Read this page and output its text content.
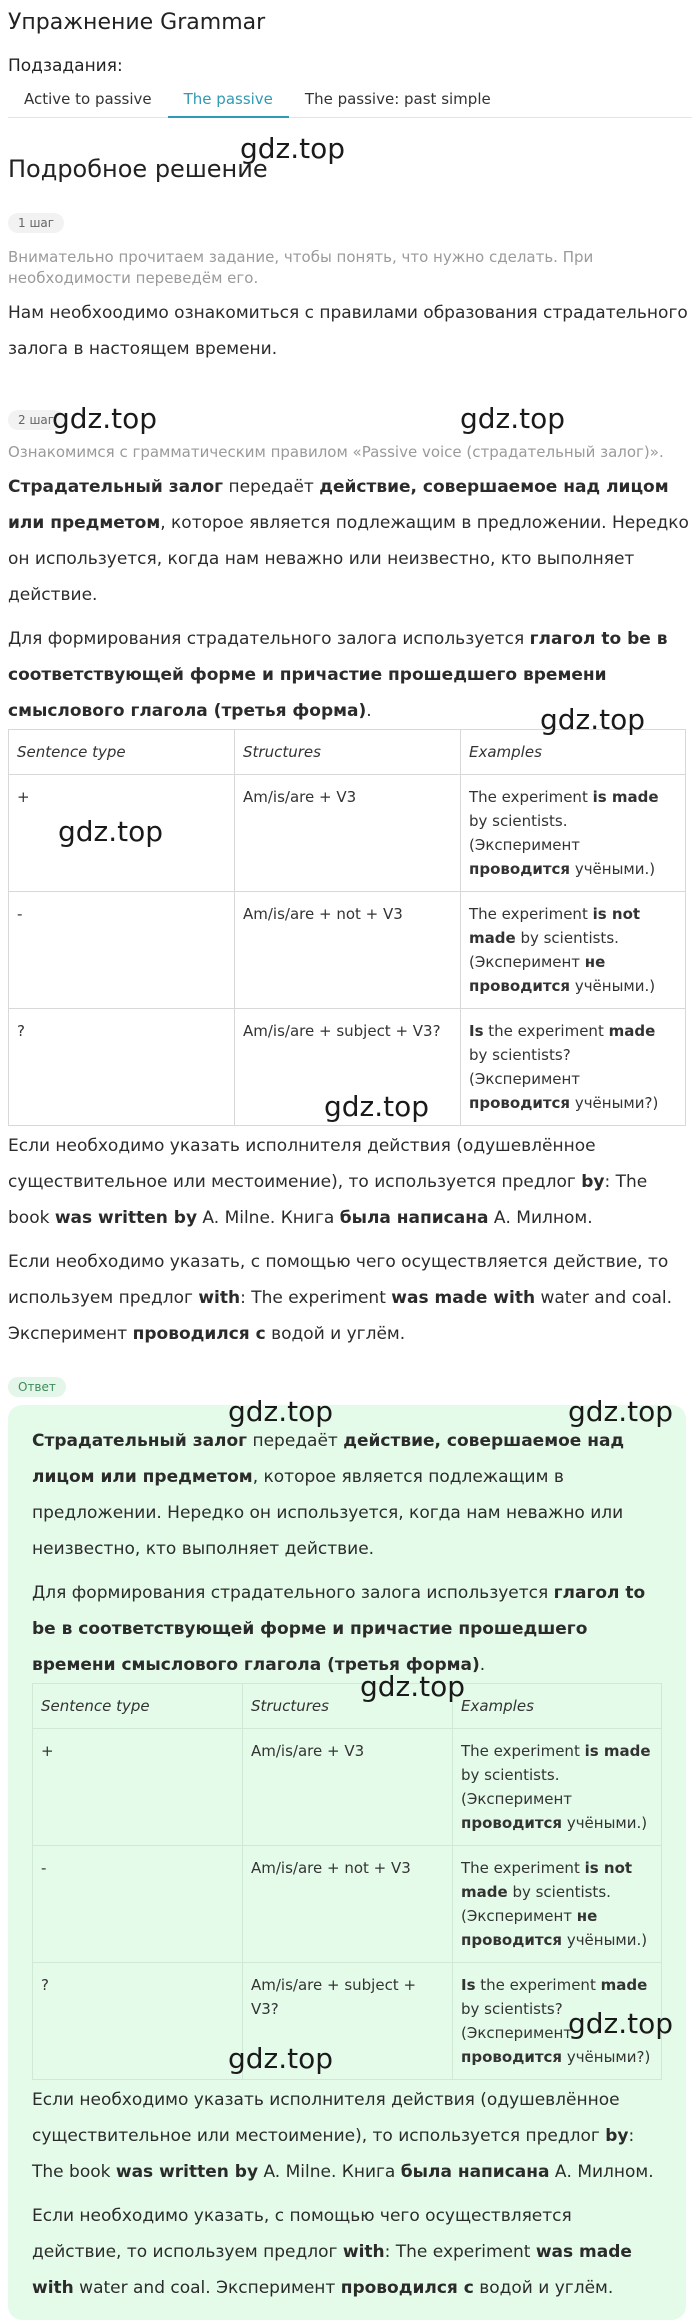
Упражнение Grammar
Подзадания:
Active to passive	The passive	The passive: past simple
Подробное решение
1 шаг
Внимательно прочитаем задание, чтобы понять, что нужно сделать. При необходимости переведём его.

Нам необхоодимо ознакомиться с правилами образования страдательного залога в настоящем времени.

2 шаг
Ознакомимся с грамматическим правилом «Passive voice (страдательный залог)».

Страдательный залог передаёт действие, совершаемое над лицом или предметом, которое является подлежащим в предложении. Нередко он используется, когда нам неважно или неизвестно, кто выполняет действие.

Для формирования страдательного залога используется глагол to be в соответствующей форме и причастие прошедшего времени смыслового глагола (третья форма).

Sentence type	Structures	Examples
+	Am/is/are + V3	The experiment is made by scientists. (Эксперимент проводится учёными.)
-	Am/is/are + not + V3	The experiment is not made by scientists. (Эксперимент не проводится учёными.)
?	Am/is/are + subject + V3?	Is the experiment made by scientists? (Эксперимент проводится учёными?)

Если необходимо указать исполнителя действия (одушевлённое существительное или местоимение), то используется предлог by: The book was written by A. Milne. Книга была написана А. Милном.

Если необходимо указать, с помощью чего осуществляется действие, то используем предлог with: The experiment was made with water and coal. Эксперимент проводился с водой и углём.

Ответ

Страдательный залог передаёт действие, совершаемое над лицом или предметом, которое является подлежащим в предложении. Нередко он используется, когда нам неважно или неизвестно, кто выполняет действие.

Для формирования страдательного залога используется глагол to be в соответствующей форме и причастие прошедшего времени смыслового глагола (третья форма).

Sentence type	Structures	Examples
+	Am/is/are + V3	The experiment is made by scientists. (Эксперимент проводится учёными.)
-	Am/is/are + not + V3	The experiment is not made by scientists. (Эксперимент не проводится учёными.)
?	Am/is/are + subject + V3?	Is the experiment made by scientists? (Эксперимент проводится учёными?)

Если необходимо указать исполнителя действия (одушевлённое существительное или местоимение), то используется предлог by: The book was written by A. Milne. Книга была написана А. Милном.

Если необходимо указать, с помощью чего осуществляется действие, то используем предлог with: The experiment was made with water and coal. Эксперимент проводился с водой и углём.

gdz.top
gdz.top	gdz.top
gdz.top
gdz.top
gdz.top
gdz.top	gdz.top
gdz.top
gdz.top
gdz.top
